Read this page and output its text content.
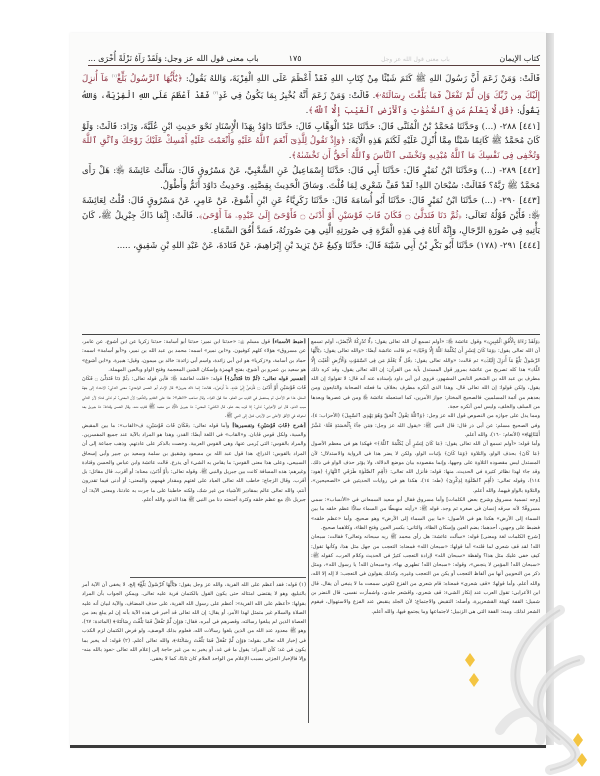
كتاب الإيمان
باب معنى قول الله عز وجل
١٧٥
باب معنى قول الله عز وجل: وَلَقَدْ رَآهُ نَزْلَةً أُخْرَى ...

قَالَتْ: وَمَنْ زَعَمَ أَنَّ رَسُولَ اللهِ ﷺ كَتَمَ شَيْئًا مِنْ كِتَابِ اللهِ فَقَدْ أَعْظَمَ عَلَى اللهِ الْفِرْيَةَ، وَاللهُ يَقُولُ: ﴿يَٰٓأَيُّهَا ٱلرَّسُولُ بَلِّغْ$^{(١)}$ مَآ أُنزِلَ إِلَيْكَ مِن رَّبِّكَ وَإِن لَّمْ تَفْعَلْ فَمَا بَلَّغْتَ رِسَالَتَهُۥ﴾. قَالَتْ: وَمَنْ زَعَمَ أَنَّهُ يُخْبِرُ بِمَا يَكُونُ فِي غَدٍ$^{(٢)}$ فَقَدْ أَعْظَمَ عَلَى اللهِ الْفِرْيَةَ، وَاللهُ يَقُولُ: ﴿قُل لَّا يَعْلَمُ مَن فِى ٱلسَّمَٰوَٰتِ وَٱلْأَرْضِ ٱلْغَيْبَ إِلَّا ٱللَّهُ﴾.

[٤٤١] ٢٨٨- (...) وَحَدَّثَنَا مُحَمَّدُ بْنُ الْمُثَنَّى قَالَ: حَدَّثَنَا عَبْدُ الْوَهَّابِ قَالَ: حَدَّثَنَا دَاوُدُ بِهَذَا الْإِسْنَادِ نَحْوَ حَدِيثِ ابْنِ عُلَيَّةَ، وَزَادَ: قَالَتْ: وَلَوْ كَانَ مُحَمَّدٌ ﷺ كَاتِمًا شَيْئًا مِمَّا أُنْزِلَ عَلَيْهِ لَكَتَمَ هَذِهِ الْآيَةَ: ﴿وَإِذْ تَقُولُ لِلَّذِىٓ أَنْعَمَ ٱللَّهُ عَلَيْهِ وَأَنْعَمْتَ عَلَيْهِ أَمْسِكْ عَلَيْكَ زَوْجَكَ وَٱتَّقِ ٱللَّهَ وَتُخْفِى فِى نَفْسِكَ مَا ٱللَّهُ مُبْدِيهِ وَتَخْشَى ٱلنَّاسَ وَٱللَّهُ أَحَقُّ أَن تَخْشَىٰهُ﴾.

[٤٤٢] ٢٨٩- (...) وَحَدَّثَنَا ابْنُ نُمَيْرٍ قَالَ: حَدَّثَنَا أَبِي قَالَ: حَدَّثَنَا إِسْمَاعِيلُ عَنِ الشَّعْبِيِّ، عَنْ مَسْرُوقٍ قَالَ: سَأَلْتُ عَائِشَةَ ﵂: هَلْ رَأَى مُحَمَّدٌ ﷺ رَبَّهُ؟ فَقَالَتْ: سُبْحَانَ اللهِ! لَقَدْ قَفَّ شَعْرِي لِمَا قُلْتَ. وَسَاقَ الْحَدِيثَ بِقِصَّتِهِ. وَحَدِيثُ دَاوُدَ أَتَمُّ وَأَطْوَلُ.

[٤٤٣] ٢٩٠- (...) حَدَّثَنَا ابْنُ نُمَيْرٍ قَالَ: حَدَّثَنَا أَبُو أُسَامَةَ قَالَ: حَدَّثَنَا زَكَرِيَّاءُ عَنِ ابْنِ أَشْوَعَ، عَنْ عَامِرٍ، عَنْ مَسْرُوقٍ قَالَ: قُلْتُ لِعَائِشَةَ ﵂: فَأَيْنَ قَوْلُهُ تَعَالَى: ﴿ثُمَّ دَنَا فَتَدَلَّىٰ ۝ فَكَانَ قَابَ قَوْسَيْنِ أَوْ أَدْنَىٰ ۝ فَأَوْحَىٰٓ إِلَىٰ عَبْدِهِۦ مَآ أَوْحَىٰ﴾. قَالَتْ: إِنَّمَا ذَاكَ جِبْرِيلُ ﷺ، كَانَ يَأْتِيهِ فِي صُورَةِ الرِّجَالِ، وَإِنَّهُ أَتَاهُ فِي هَذِهِ الْمَرَّةِ فِي صُورَتِهِ الَّتِي هِيَ صُورَتُهُ، فَسَدَّ أُفُقَ السَّمَاءِ.

[٤٤٤] ٢٩١- (١٧٨) حَدَّثَنَا أَبُو بَكْرِ بْنُ أَبِي شَيْبَةَ قَالَ: حَدَّثَنَا وَكِيعٌ عَنْ يَزِيدَ بْنِ إِبْرَاهِيمَ، عَنْ قَتَادَةَ، عَنْ عَبْدِ اللهِ بْنِ شَقِيقٍ، .....

﴿وَلَقَدْ رَءَاهُ بِٱلْأُفُقِ ٱلْمُبِينِ﴾» وقول عائشة ﵂: «أولم تسمع أن الله تعالى يقول: ﴿لَّا تُدْرِكُهُ ٱلْأَبْصَٰرُ﴾، أولم تسمع أن الله تعالى يقول: ﴿وَمَا كَانَ لِبَشَرٍ أَن يُكَلِّمَهُ ٱللَّهُ إِلَّا وَحْيًا﴾» ثم قالت عائشة أيضًا: «والله تعالى يقول: ﴿يَٰٓأَيُّهَا ٱلرَّسُولُ بَلِّغْ مَآ أُنزِلَ إِلَيْكَ﴾» ثم قالت: «والله تعالى يقول: ﴿قُل لَّا يَعْلَمُ مَن فِى ٱلسَّمَٰوَٰتِ وَٱلْأَرْضِ ٱلْغَيْبَ إِلَّا ٱللَّهُ﴾» هذا كله تصريح من عائشة بمرور قول المستدل بآية من القرآن: إن الله تعالى يقول، وقد كره ذلك مطرف بن عبد الله بن الشخير التابعي المشهور، فروى ابن أبي داود بإسناده عنه أنه قال: لا تقولوا: إن الله يقول، ولكن قولوا: إن الله تعالى قال. وهذا الذي أنكره مطرف بخلاف ما فعلته الصحابة والتابعون ومن بعدهم من أئمة المسلمين. فالصحيح المختار: جواز الأمرين، كما استعمله عائشة ﵂ ومن في عصرها وبعدها من السلف والخلف، وليس لمن أنكره حجة.

ومما يدل على جوازه من النصوص قول الله عز وجل: ﴿وَٱللَّهُ يَقُولُ ٱلْحَقَّ وَهُوَ يَهْدِى ٱلسَّبِيلَ﴾ (الأحزاب: ٤)، وفي الصحيح مسلم: عن أبي ذر قال: قال النبي ﷺ: «يقول الله عز وجل: ﴿مَن جَآءَ بِٱلْحَسَنَةِ فَلَهُۥ عَشْرُ أَمْثَالِهَا﴾» (الأنعام: ١٦٠)، والله أعلم.

وأما قوله: «أولم تسمع أن الله تعالى يقول: ﴿مَا كَانَ لِبَشَرٍ أَن يُكَلِّمَهُ ٱللَّهُ﴾» فهكذا هو في معظم الأصول ﴿مَا كَانَ﴾ بحذف الواو، والتلاوة ﴿وَمَا كَانَ﴾ بإثبات الواو، ولكن لا يضر هذا في الرواية والاستدلال؛ لأن المستدل ليس مقصوده التلاوة على وجهها، وإنما مقصوده بيان موضع الدلالة، ولا يؤثر حذف الواو في ذلك. وقد جاء لهذا نظائر كثيرة في الحديث، منها: قوله: فأنزل الله تعالى: ﴿أَقِمِ ٱلصَّلَوٰةَ طَرَفَىِ ٱلنَّهَارِ﴾ (هود: ١١٤)، وقوله تعالى: ﴿أَقِمِ ٱلصَّلَوٰةَ لِذِكْرِىٓ﴾ (طه: ١٤)، هكذا هو في روايات الحديثين في «الصحيحين»، والتلاوة بالواو فيهما، والله أعلم.

[وجه تسمية مسروق وشرح بعض الكلمات] وأما مسروق فقال أبو سعيد السمعاني في «الأنساب»: سمي مسروقًا؛ لأنه سرقه إنسان في صغره ثم وجد. قوله ﷺ: «رأيته منهبطًا من السماء سادًّا عظم خلقه ما بين السماء إلى الأرض» هكذا هو في الأصول: «ما بين السماء إلى الأرض» وهو صحيح. وأما «عظم خلقه» فضبط على وجهين، أحدهما: بضم العين وإسكان الظاء، والثاني: بكسر العين وفتح الظاء، وكلاهما صحيح.

[شرح الكلمات لغة ومعنى] قوله: «سألت عائشة: هل رأى محمد ﷺ ربه سبحانه وتعالى؟ فقالت: سبحان الله! لقد قف شعري لما قلته» أما قولها: «سبحان الله» فمعناه: التعجب من جهل مثل هذا، وكأنها تقول: كيف خفي عليك مثل هذا؟ ولفظة «سبحان الله» لإرادة التعجب كثيرٌ في الحديث وكلام العرب، كقوله ﷺ: «سبحان الله! المؤمن لا ينجس»، وقوله: «سبحان الله! تطهري بها»، و«سبحان الله! يا رسول الله»، ومثل ذكر من النحويين أنها من ألفاظ التعجب أو يكن من التعجب وغيره. وكذلك يقولون في التعجب: لا إله إلا الله، والله أعلم. وأما قولها: «قف شعري» فمعناه: قام شعري من الفزع لكوني سمعت ما لا ينبغي أن يقال. قال ابن الأعرابي: تقول العرب عند إنكار الشيء: قف شعري، واقشعر جلدي، واشمأزت نفسي. قال النضر بن شميل: القفة كهيئة القشعريرة، وأصله: التقبض والاجتماع؛ لأن الجلد ينقبض عند الفزع والاستهوال، فيقوم الشعر لذلك. ومنه: القفة التي هي الزنبيل؛ لاجتماعها وما يجتمع فيها، والله أعلم.

[ضبط الأسماء] قول مسلم ﵀: «حدثنا ابن نمير: حدثنا أبو أسامة: حدثنا زكريا عن ابن أشوع، عن عامر، عن مسروق» هؤلاء كلهم كوفيون. و«ابن نمير» اسمه: محمد بن عبد الله بن نمير، و«أبو أسامة» اسمه: حماد بن أسامة، و«زكريا» هو ابن أبي زائدة، واسم أبي زائدة: خالد بن ميمون، وقيل: هبيرة. و«ابن أشوع» هو سعيد بن عمرو بن أشوع، بفتح الهمزة وإسكان الشين المعجمة وفتح الواو وبالعين المهملة.

[تفسير قوله تعالى: ﴿ثُمَّ دَنَا فَتَدَلَّىٰ﴾] قوله: «قلت لعائشة ﵂: فأين قوله تعالى: ﴿ثُمَّ دَنَا فَتَدَلَّىٰ ۝ فَكَانَ قَابَ قَوْسَيْنِ أَوْ أَدْنَىٰ ۝ فَأَوْحَىٰٓ إِلَىٰ عَبْدِهِۦ مَآ أَوْحَىٰ﴾، فقالت: إنما ذاك جبريل» قال الإمام أبو الحسن الواحدي: معنى التدلي: الامتداد إلى جهة السفل، هذا هو الأصل، ثم يستعمل في القرب من العلو. هذا قول الفراء. وقال صاحب «النظم»: هذا على التقديم والتأخير؛ لأن المعنى: ثم تدلى فدنا؛ لأن التدلي سبب الدنو. قال ابن الأعرابي: تدلى: إذا قرب بعد علو. قال الكلبي: المعنى: دنا جبريل ﵇ من محمد ﷺ فقرب منه. وقال الحسن وقتادة: دنا جبريل بعد استوائه في الأفق الأعلى من الأرض، فنزل إلى النبي ﷺ.

[شرح ﴿قَابَ قَوْسَيْنِ﴾ وتفسيرها] وأما قوله تعالى: ﴿فَكَانَ قَابَ قَوْسَيْنِ﴾ ف«القاب»: ما بين المقبض والسية، ولكل قوس قابان. و«القاب» في اللغة أيضًا: القدر، وهذا هو المراد بالآية عند جميع المفسرين. والمراد بالقوس: التي يُرمى عنها، وهي القوس العربية. وخصت بالذكر على عادتهم. وذهب جماعة إلى أن المراد بالقوس: الذراع، هذا قول عبد الله بن مسعود وشقيق بن سلمة وسعيد بن جبير وأبي إسحاق السبيعي، وعلى هذا معنى القوس: ما يقاس به الشيء أي يذرع. قالت عائشة وابن عباس والحسن وقتادة وغيرهم: هذه المسافة كانت بين جبريل والنبي ﷺ. وقوله تعالى: ﴿أَوْ أَدْنَىٰ﴾ معناه: أو أقرب. قال مقاتل: بل أقرب. وقال الزجاج: خاطب الله تعالى العباد على لغتهم ومقدار فهمهم، والمعنى: أو أدنى فيما تقدرون أنتم، والله تعالى عالم بمقادير الأشياء من غير شك، ولكنه خاطبنا على ما جرت به عادتنا، ومعنى الآية: أن جبريل ﵇ مع عظم خلقه وكثرة أجنحته دنا من النبي ﷺ هذا الدنو، والله أعلم.

(١) قوله: فقد أعظم على الله الفرية، والله عز وجل يقول: ﴿يَٰٓأَيُّهَا ٱلرَّسُولُ بَلِّغْ﴾ إلخ. لا يخفى أن الآية أمر بالتبليغ، وهو لا يقتضي امتثاله حتى يكون القول بالكتمان فرية عليه تعالى. ويمكن الجواب بأن المراد بقولها: «أعظم على الله الفرية»: أعظم على رسول الله الفرية، على حذف المضاف، والآية لبيان أنه عليه الصلاة والسلام غير متمثل لهذا الأمر، أو يقال: إن الله تعالى قد أخبر في هذه الآية بأنه إن لم يبلغ بعد من العصاة الذين لم يبلغوا رسالته، وقصرهم في أمره، فقال: ﴿وَإِن لَّمْ تَفْعَلْ فَمَا بَلَّغْتَ رِسَالَتَهُۥ﴾ (المائدة: ٦٧)، وهو ﷺ معدود عند الله من الذين بلغوا رسالات الله، فعلوم بذلك الوصف، ولو فرض الكتمان لزم الكذب في إخبار الله تعالى بقوله: ﴿وَإِن لَّمْ تَفْعَلْ فَمَا بَلَّغْتَ رِسَالَتَهُۥ﴾، والله تعالى أعلم. (٢) قوله: أنه يخبر بما يكون في غد: كأن المراد: يقول ما في غد، أو يخبر به من غير حاجة إلى إعلام الله تعالى -نعوذ بالله منه- وإلا فالإخبار الجزئي بسبب الإعلام من الواحد العلام كان ثابتًا، كما لا يخفى.
